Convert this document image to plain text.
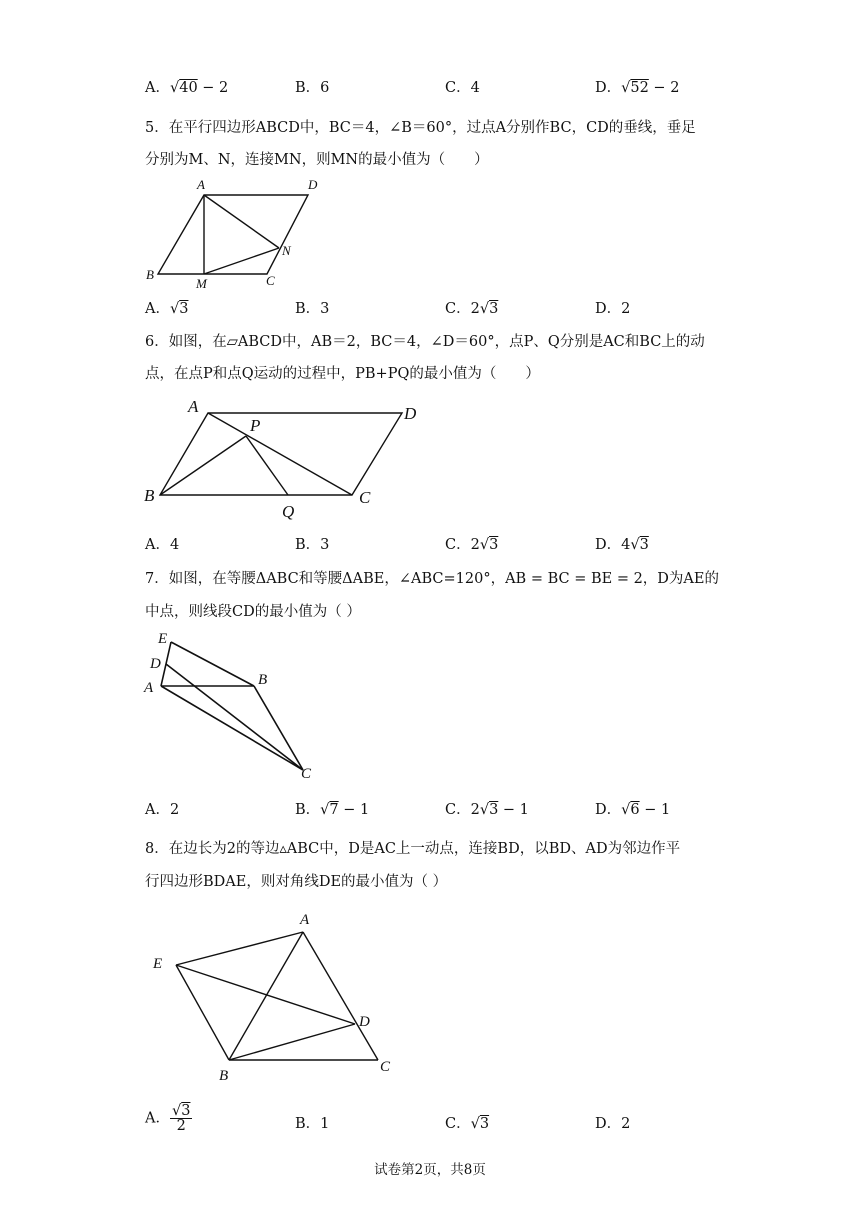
A．√40 − 2	B．6	C．4	D．√52 − 2
5．在平行四边形ABCD中，BC＝4，∠B＝60°，过点A分别作BC，CD的垂线，垂足
分别为M、N，连接MN，则MN的最小值为（　　）
A	D
N
B
M	C
A．√3	B．3	C．2√3	D．2
6．如图，在▱ABCD中，AB＝2，BC＝4，∠D＝60°，点P、Q分别是AC和BC上的动
点，在点P和点Q运动的过程中，PB+PQ的最小值为（　　）
A
P
D
B
Q
C
A．4	B．3	C．2√3	D．4√3
7．如图，在等腰ΔABC和等腰ΔABE，∠ABC=120°，AB = BC = BE = 2，D为AE的
中点，则线段CD的最小值为（ ）
E
D
A	B
C
A．2	B．√7 − 1	C．2√3 − 1	D．√6 − 1
8．在边长为2的等边▵ABC中，D是AC上一动点，连接BD，以BD、AD为邻边作平
行四边形BDAE，则对角线DE的最小值为（ ）
A
E
D
B
C
A． $\frac{√3}{2}$	B．1	C．√3	D．2
试卷第2页，共8页
